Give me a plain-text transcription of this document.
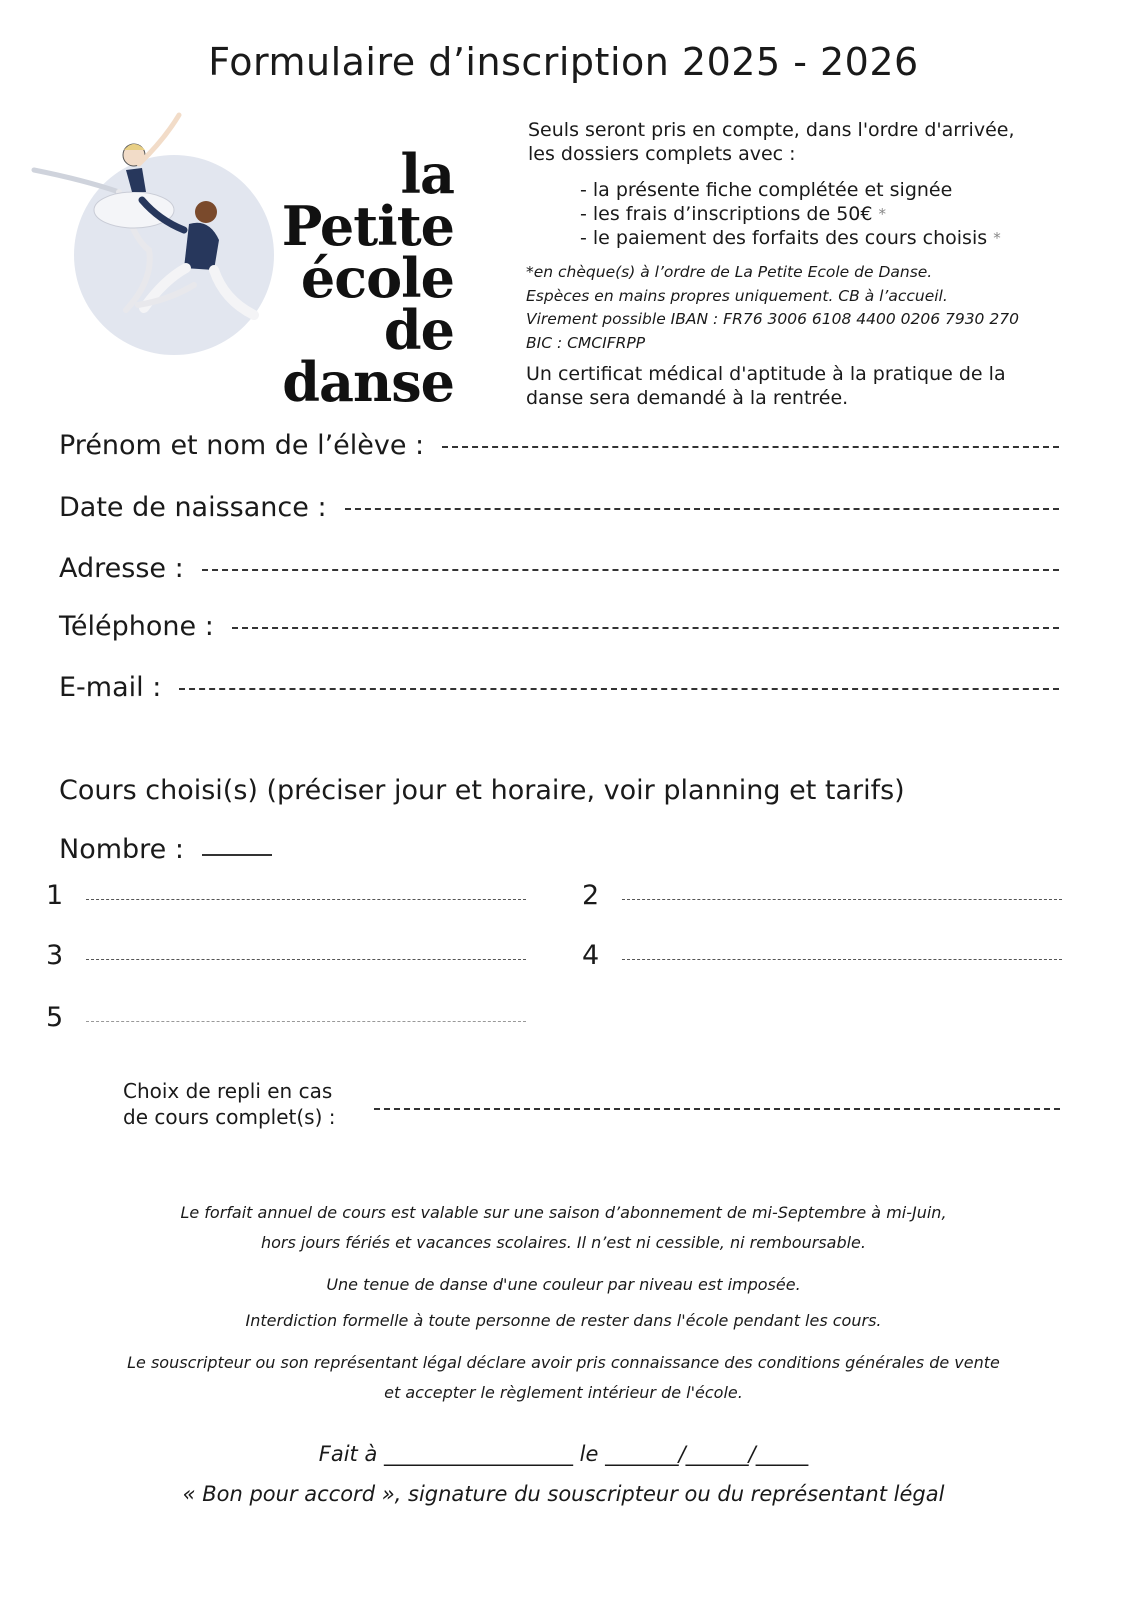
Formulaire d’inscription 2025 - 2026
la Petite
école de
danse
Seuls seront pris en compte, dans l'ordre d'arrivée,
les dossiers complets avec :
- la présente fiche complétée et signée
- les frais d’inscriptions de 50€ *
- le paiement des forfaits des cours choisis *
*en chèque(s) à l’ordre de La Petite Ecole de Danse.
Espèces en mains propres uniquement. CB à l’accueil.
Virement possible IBAN : FR76 3006 6108 4400 0206 7930 270
BIC : CMCIFRPP
Un certificat médical d'aptitude à la pratique de la
danse sera demandé à la rentrée.
Prénom et nom de l’élève :
Date de naissance :
Adresse :
Téléphone :
E-mail :
Cours choisi(s) (préciser jour et horaire, voir planning et tarifs)
Nombre :
1	2
3	4
5
Choix de repli en cas
de cours complet(s) :
Le forfait annuel de cours est valable sur une saison d’abonnement de mi-Septembre à mi-Juin,
hors jours fériés et vacances scolaires. Il n’est ni cessible, ni remboursable.
Une tenue de danse d'une couleur par niveau est imposée.
Interdiction formelle à toute personne de rester dans l'école pendant les cours.
Le souscripteur ou son représentant légal déclare avoir pris connaissance des conditions générales de vente
et accepter le règlement intérieur de l'école.
Fait à __________________ le _______/______/_____
« Bon pour accord », signature du souscripteur ou du représentant légal
